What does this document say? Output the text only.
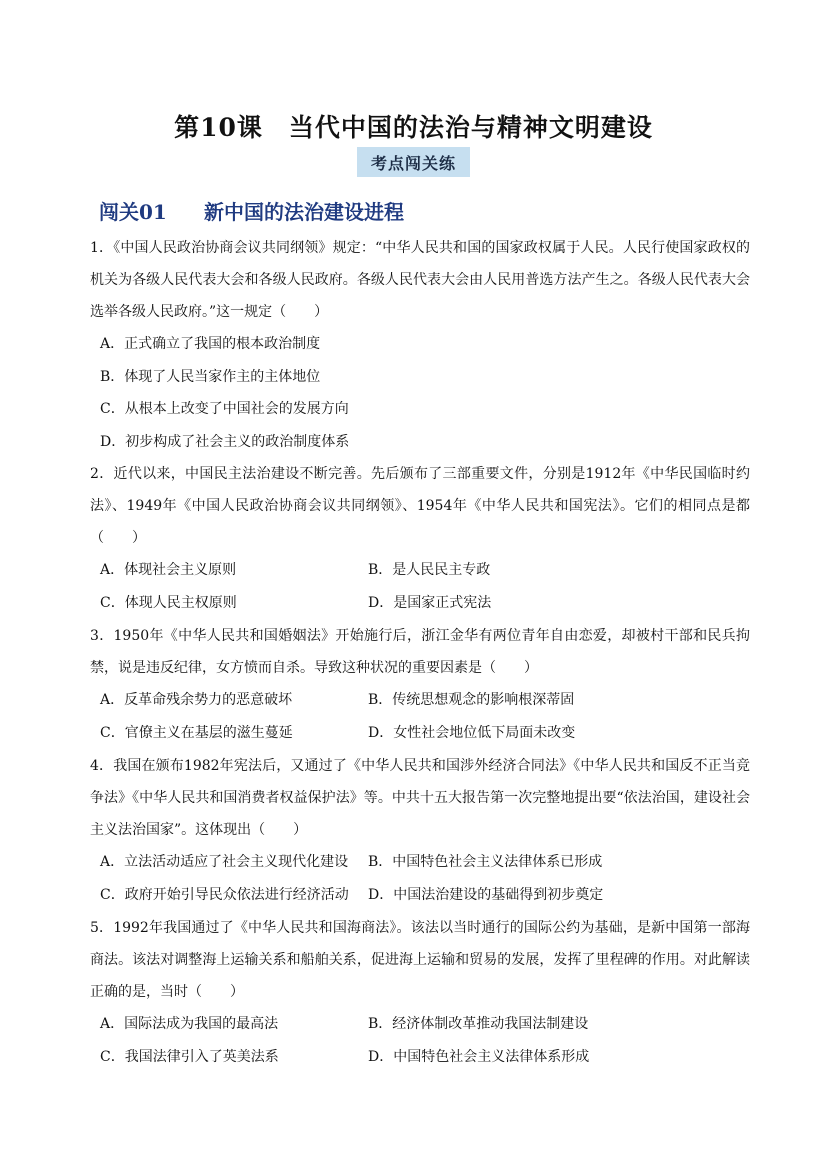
第10课　当代中国的法治与精神文明建设
考点闯关练
闯关01 新中国的法治建设进程
1．《中国人民政治协商会议共同纲领》规定：“中华人民共和国的国家政权属于人民。人民行使国家政权的机关为各级人民代表大会和各级人民政府。各级人民代表大会由人民用普选方法产生之。各级人民代表大会选举各级人民政府。”这一规定（　　）
A．正式确立了我国的根本政治制度
B．体现了人民当家作主的主体地位
C．从根本上改变了中国社会的发展方向
D．初步构成了社会主义的政治制度体系
2．近代以来，中国民主法治建设不断完善。先后颁布了三部重要文件，分别是1912年《中华民国临时约法》、1949年《中国人民政治协商会议共同纲领》、1954年《中华人民共和国宪法》。它们的相同点是都（　　）
A．体现社会主义原则	B．是人民民主专政
C．体现人民主权原则	D．是国家正式宪法
3．1950年《中华人民共和国婚姻法》开始施行后，浙江金华有两位青年自由恋爱，却被村干部和民兵拘禁，说是违反纪律，女方愤而自杀。导致这种状况的重要因素是（　　）
A．反革命残余势力的恶意破坏	B．传统思想观念的影响根深蒂固
C．官僚主义在基层的滋生蔓延	D．女性社会地位低下局面未改变
4．我国在颁布1982年宪法后，又通过了《中华人民共和国涉外经济合同法》《中华人民共和国反不正当竞争法》《中华人民共和国消费者权益保护法》等。中共十五大报告第一次完整地提出要“依法治国，建设社会主义法治国家”。这体现出（　　）
A．立法活动适应了社会主义现代化建设	B．中国特色社会主义法律体系已形成
C．政府开始引导民众依法进行经济活动	D．中国法治建设的基础得到初步奠定
5．1992年我国通过了《中华人民共和国海商法》。该法以当时通行的国际公约为基础，是新中国第一部海商法。该法对调整海上运输关系和船舶关系，促进海上运输和贸易的发展，发挥了里程碑的作用。对此解读正确的是，当时（　　）
A．国际法成为我国的最高法	B．经济体制改革推动我国法制建设
C．我国法律引入了英美法系	D．中国特色社会主义法律体系形成
